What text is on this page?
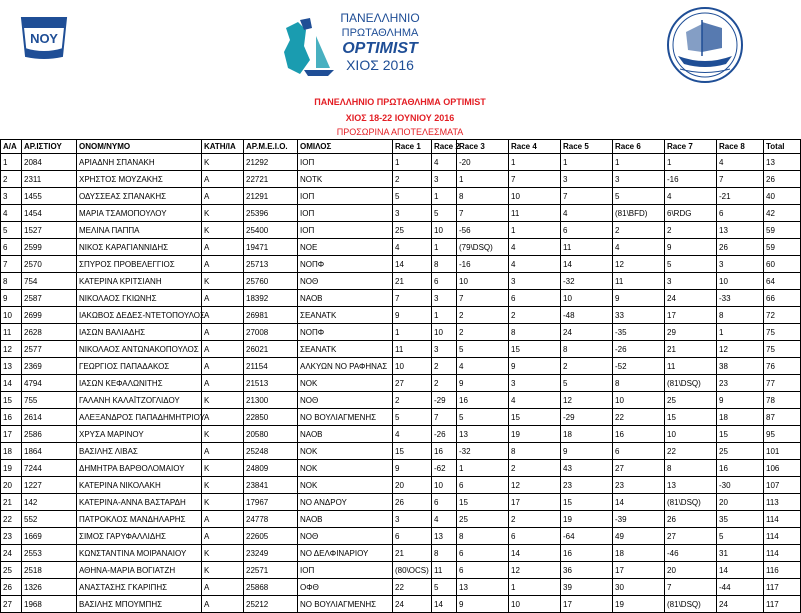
ΝΟΥ
ΠΑΝΕΛΛΗΝΙΟ
ΠΡΩΤΑΘΛΗΜΑ
OPTIMIST
ΧΙΟΣ 2016
ΠΑΝΕΛΛΗΝΙΟ ΠΡΩΤΑΘΛΗΜΑ OPTIMIST
ΧΙΟΣ 18-22 ΙΟΥΝΙΟΥ 2016
ΠΡΟΣΩΡΙΝΑ ΑΠΟΤΕΛΕΣΜΑΤΑ
Α/Α	ΑΡ.ΙΣΤΙΟΥ	ΟΝΟΜ/ΝΥΜΟ	ΚΑΤΗ/ΙΑ	ΑΡ.Μ.Ε.Ι.Ο.	ΟΜΙΛΟΣ	Race 1	Race 2	Race 3	Race 4	Race 5	Race 6	Race 7	Race 8	Total
1	2084	ΑΡΙΑΔΝΗ ΣΠΑΝΑΚΗ	Κ	21292	ΙΟΠ	1	4	-20	1	1	1	1	4	13
2	2311	ΧΡΗΣΤΟΣ ΜΟΥΖΑΚΗΣ	Α	22721	ΝΟΤΚ	2	3	1	7	3	3	-16	7	26
3	1455	ΟΔΥΣΣΕΑΣ ΣΠΑΝΑΚΗΣ	Α	21291	ΙΟΠ	5	1	8	10	7	5	4	-21	40
4	1454	ΜΑΡΙΑ ΤΣΑΜΟΠΟΥΛΟΥ	Κ	25396	ΙΟΠ	3	5	7	11	4	(81\BFD)	6\RDG	6	42
5	1527	ΜΕΛΙΝΑ ΠΑΠΠΑ	Κ	25400	ΙΟΠ	25	10	-56	1	6	2	2	13	59
6	2599	ΝΙΚΟΣ ΚΑΡΑΓΙΑΝΝΙΔΗΣ	Α	19471	ΝΟΕ	4	1	(79\DSQ)	4	11	4	9	26	59
7	2570	ΣΠΥΡΟΣ ΠΡΟΒΕΛΕΓΓΙΟΣ	Α	25713	ΝΟΠΦ	14	8	-16	4	14	12	5	3	60
8	754	ΚΑΤΕΡΙΝΑ ΚΡΙΤΣΙΑΝΗ	Κ	25760	ΝΟΘ	21	6	10	3	-32	11	3	10	64
9	2587	ΝΙΚΟΛΑΟΣ ΓΚΙΩΝΗΣ	Α	18392	ΝΑΟΒ	7	3	7	6	10	9	24	-33	66
10	2699	ΙΑΚΩΒΟΣ ΔΕΔΕΣ-ΝΤΕΤΟΠΟΥΛΟΣ	Α	26981	ΣΕΑΝΑΤΚ	9	1	2	2	-48	33	17	8	72
11	2628	ΙΑΣΩΝ ΒΑΛΙΑΔΗΣ	Α	27008	ΝΟΠΦ	1	10	2	8	24	-35	29	1	75
12	2577	ΝΙΚΟΛΑΟΣ ΑΝΤΩΝΑΚΟΠΟΥΛΟΣ	Α	26021	ΣΕΑΝΑΤΚ	11	3	5	15	8	-26	21	12	75
13	2369	ΓΕΩΡΓΙΟΣ ΠΑΠΑΔΑΚΟΣ	Α	21154	ΑΛΚΥΩΝ ΝΟ ΡΑΦΗΝΑΣ	10	2	4	9	2	-52	11	38	76
14	4794	ΙΑΣΩΝ ΚΕΦΑΛΩΝΙΤΗΣ	Α	21513	ΝΟΚ	27	2	9	3	5	8	(81\DSQ)	23	77
15	755	ΓΑΛΑΝΗ ΚΑΛΑΪΤΖΟΓΛΙΔΟΥ	Κ	21300	ΝΟΘ	2	-29	16	4	12	10	25	9	78
16	2614	ΑΛΕΞΑΝΔΡΟΣ ΠΑΠΑΔΗΜΗΤΡΙΟΥ	Α	22850	ΝΟ ΒΟΥΛΙΑΓΜΕΝΗΣ	5	7	5	15	-29	22	15	18	87
17	2586	ΧΡΥΣΑ ΜΑΡΙΝΟΥ	Κ	20580	ΝΑΟΒ	4	-26	13	19	18	16	10	15	95
18	1864	ΒΑΣΙΛΗΣ ΛΙΒΑΣ	Α	25248	ΝΟΚ	15	16	-32	8	9	6	22	25	101
19	7244	ΔΗΜΗΤΡΑ ΒΑΡΘΟΛΟΜΑΙΟΥ	Κ	24809	ΝΟΚ	9	-62	1	2	43	27	8	16	106
20	1227	ΚΑΤΕΡΙΝΑ ΝΙΚΟΛΑΚΗ	Κ	23841	ΝΟΚ	20	10	6	12	23	23	13	-30	107
21	142	ΚΑΤΕΡΙΝΑ-ΑΝΝΑ ΒΑΣΤΑΡΔΗ	Κ	17967	ΝΟ ΑΝΔΡΟΥ	26	6	15	17	15	14	(81\DSQ)	20	113
22	552	ΠΑΤΡΟΚΛΟΣ ΜΑΝΔΗΛΑΡΗΣ	Α	24778	ΝΑΟΒ	3	4	25	2	19	-39	26	35	114
23	1669	ΣΙΜΟΣ ΓΑΡΥΦΑΛΛΙΔΗΣ	Α	22605	ΝΟΘ	6	13	8	6	-64	49	27	5	114
24	2553	ΚΩΝΣΤΑΝΤΙΝΑ ΜΟΙΡΑΝΑΙΟΥ	Κ	23249	ΝΟ ΔΕΛΦΙΝΑΡΙΟΥ	21	8	6	14	16	18	-46	31	114
25	2518	ΑΘΗΝΑ-ΜΑΡΙΑ ΒΟΓΙΑΤΖΗ	Κ	22571	ΙΟΠ	(80\OCS)	11	6	12	36	17	20	14	116
26	1326	ΑΝΑΣΤΑΣΗΣ ΓΚΑΡΙΠΗΣ	Α	25868	ΟΦΘ	22	5	13	1	39	30	7	-44	117
27	1968	ΒΑΣΙΛΗΣ ΜΠΟΥΜΠΗΣ	Α	25212	ΝΟ ΒΟΥΛΙΑΓΜΕΝΗΣ	24	14	9	10	17	19	(81\DSQ)	24	117
